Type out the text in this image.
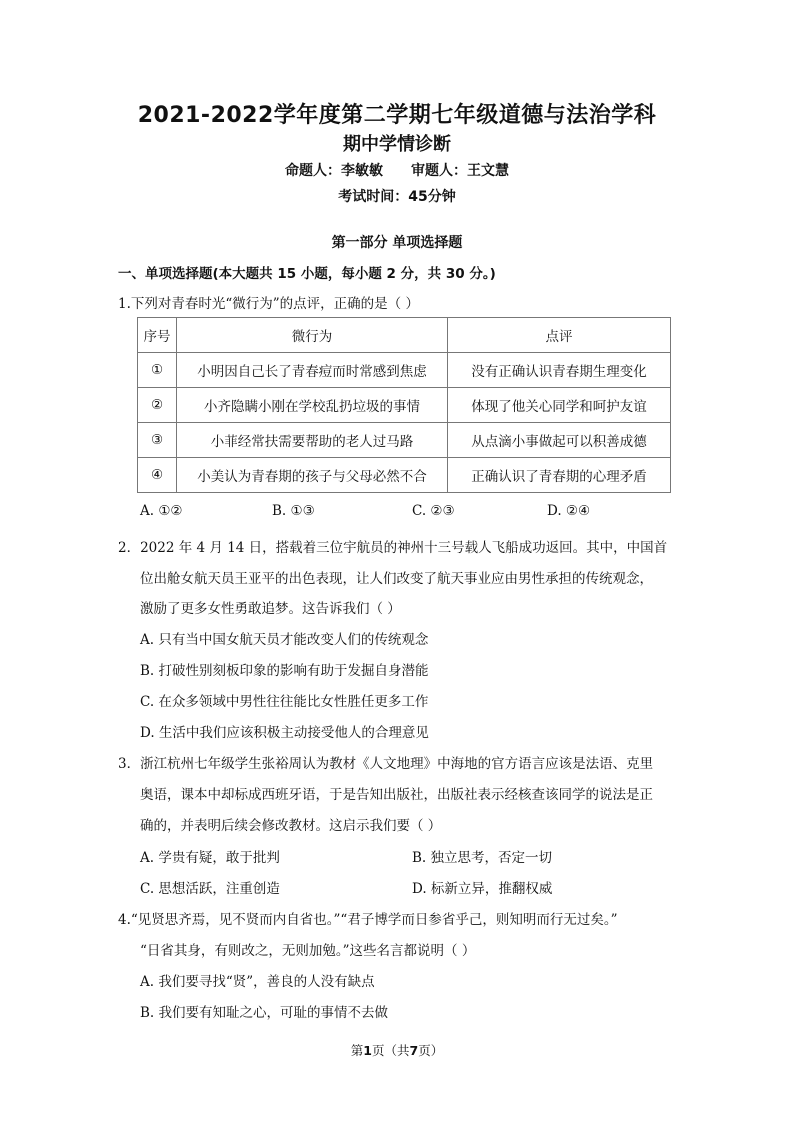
2021-2022学年度第二学期七年级道德与法治学科
期中学情诊断
命题人：李敏敏 审题人：王文慧
考试时间：45分钟
第一部分 单项选择题
一、单项选择题(本大题共 15 小题，每小题 2 分，共 30 分。)
1.下列对青春时光“微行为”的点评，正确的是（ ）
序号	微行为	点评
①	小明因自己长了青春痘而时常感到焦虑	没有正确认识青春期生理变化
②	小齐隐瞒小刚在学校乱扔垃圾的事情	体现了他关心同学和呵护友谊
③	小菲经常扶需要帮助的老人过马路	从点滴小事做起可以积善成德
④	小美认为青春期的孩子与父母必然不合	正确认识了青春期的心理矛盾
A. ①②	B. ①③	C. ②③	D. ②④
2．2022 年 4 月 14 日，搭载着三位宇航员的神州十三号载人飞船成功返回。其中，中国首
位出舱女航天员王亚平的出色表现，让人们改变了航天事业应由男性承担的传统观念，
激励了更多女性勇敢追梦。这告诉我们（ ）
A. 只有当中国女航天员才能改变人们的传统观念
B. 打破性别刻板印象的影响有助于发掘自身潜能
C. 在众多领域中男性往往能比女性胜任更多工作
D. 生活中我们应该积极主动接受他人的合理意见
3．浙江杭州七年级学生张裕周认为教材《人文地理》中海地的官方语言应该是法语、克里
奥语，课本中却标成西班牙语，于是告知出版社，出版社表示经核查该同学的说法是正
确的，并表明后续会修改教材。这启示我们要（ ）
A. 学贵有疑，敢于批判	B. 独立思考，否定一切
C. 思想活跃，注重创造	D. 标新立异，推翻权威
4.“见贤思齐焉，见不贤而内自省也。”“君子博学而日参省乎己，则知明而行无过矣。”
“日省其身，有则改之，无则加勉。”这些名言都说明（ ）
A. 我们要寻找“贤”，善良的人没有缺点
B. 我们要有知耻之心，可耻的事情不去做
第1页（共7页）
